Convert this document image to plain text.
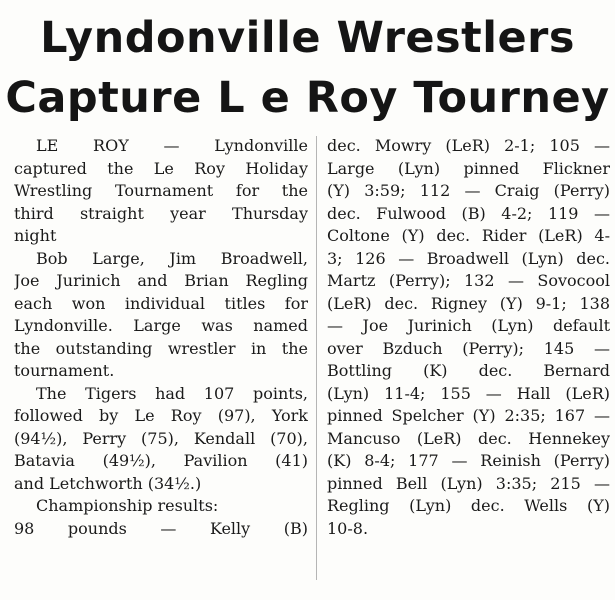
Lyndonville Wrestlers
Capture L e Roy Tourney
LE ROY — Lyndonville
captured the Le Roy Holiday
Wrestling Tournament for the
third straight year Thursday
night
Bob Large, Jim Broadwell,
Joe Jurinich and Brian Regling
each won individual titles for
Lyndonville. Large was named
the outstanding wrestler in the
tournament.
The Tigers had 107 points,
followed by Le Roy (97), York
(94½), Perry (75), Kendall (70),
Batavia (49½), Pavilion (41)
and Letchworth (34½.)
Championship results:
98 pounds — Kelly (B)
dec. Mowry (LeR) 2-1; 105 —
Large (Lyn) pinned Flickner
(Y) 3:59; 112 — Craig (Perry)
dec. Fulwood (B) 4-2; 119 —
Coltone (Y) dec. Rider (LeR) 4-
3; 126 — Broadwell (Lyn) dec.
Martz (Perry); 132 — Sovocool
(LeR) dec. Rigney (Y) 9-1; 138
— Joe Jurinich (Lyn) default
over Bzduch (Perry); 145 —
Bottling (K) dec. Bernard
(Lyn) 11-4; 155 — Hall (LeR)
pinned Spelcher (Y) 2:35; 167 —
Mancuso (LeR) dec. Hennekey
(K) 8-4; 177 — Reinish (Perry)
pinned Bell (Lyn) 3:35; 215 —
Regling (Lyn) dec. Wells (Y)
10-8.
